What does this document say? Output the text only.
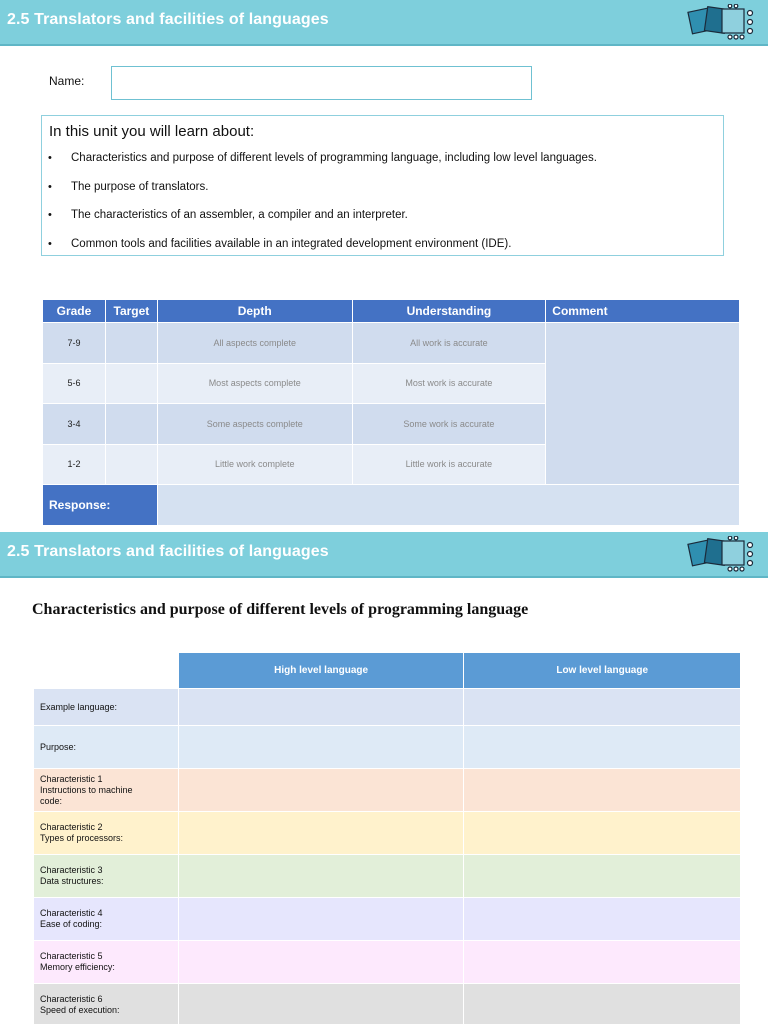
2.5 Translators and facilities of languages
Name:
In this unit you will learn about:
• Characteristics and purpose of different levels of programming language, including low level languages.
• The purpose of translators.
• The characteristics of an assembler, a compiler and an interpreter.
• Common tools and facilities available in an integrated development environment (IDE).
Grade	Target	Depth	Understanding	Comment
7-9		All aspects complete	All work is accurate	
5-6		Most aspects complete	Most work is accurate	
3-4		Some aspects complete	Some work is accurate	
1-2		Little work complete	Little work is accurate	
Response:				
2.5 Translators and facilities of languages
Characteristics and purpose of different levels of programming language
	High level language	Low level language

Example language:		

Purpose:		

Characteristic 1
Instructions to machine
code:		

Characteristic 2
Types of processors:		

Characteristic 3
Data structures:		

Characteristic 4
Ease of coding:		

Characteristic 5
Memory efficiency:		

Characteristic 6
Speed of execution:		
